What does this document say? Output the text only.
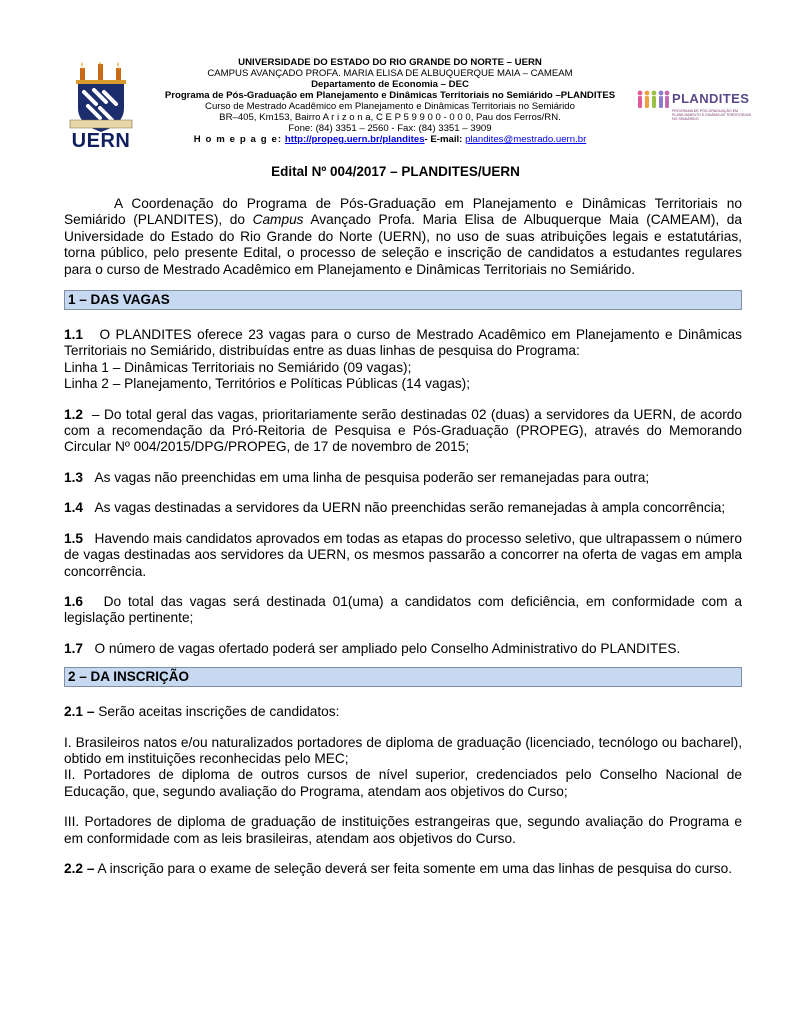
UERN
UNIVERSIDADE DO ESTADO DO RIO GRANDE DO NORTE – UERN
CAMPUS AVANÇADO PROFA. MARIA ELISA DE ALBUQUERQUE MAIA – CAMEAM
Departamento de Economia – DEC
Programa de Pós-Graduação em Planejamento e Dinâmicas Territoriais no Semiárido –PLANDITES
Curso de Mestrado Acadêmico em Planejamento e Dinâmicas Territoriais no Semiárido
BR–405, Km153, Bairro A r i z o n a, C E P 5 9 9 0 0 - 0 0 0, Pau dos Ferros/RN.
Fone: (84) 3351 – 2560 - Fax: (84) 3351 – 3909
H o m e p a g e: http://propeg.uern.br/plandites- E-mail: plandites@mestrado.uern.br
PLANDITES
PROGRAMA DE PÓS-GRADUAÇÃO EM PLANEJAMENTO E DINÂMICAS TERRITORIAIS NO SEMIÁRIDO
Edital Nº 004/2017 – PLANDITES/UERN

A Coordenação do Programa de Pós-Graduação em Planejamento e Dinâmicas Territoriais no Semiárido (PLANDITES), do Campus Avançado Profa. Maria Elisa de Albuquerque Maia (CAMEAM), da Universidade do Estado do Rio Grande do Norte (UERN), no uso de suas atribuições legais e estatutárias, torna público, pelo presente Edital, o processo de seleção e inscrição de candidatos a estudantes regulares para o curso de Mestrado Acadêmico em Planejamento e Dinâmicas Territoriais no Semiárido.

1 – DAS VAGAS

1.1 O PLANDITES oferece 23 vagas para o curso de Mestrado Acadêmico em Planejamento e Dinâmicas Territoriais no Semiárido, distribuídas entre as duas linhas de pesquisa do Programa:

Linha 1 – Dinâmicas Territoriais no Semiárido (09 vagas);

Linha 2 – Planejamento, Territórios e Políticas Públicas (14 vagas);

1.2  – Do total geral das vagas, prioritariamente serão destinadas 02 (duas) a servidores da UERN, de acordo com a recomendação da Pró-Reitoria de Pesquisa e Pós-Graduação (PROPEG), através do Memorando Circular Nº 004/2015/DPG/PROPEG, de 17 de novembro de 2015;

1.3 As vagas não preenchidas em uma linha de pesquisa poderão ser remanejadas para outra;

1.4 As vagas destinadas a servidores da UERN não preenchidas serão remanejadas à ampla concorrência;

1.5 Havendo mais candidatos aprovados em todas as etapas do processo seletivo, que ultrapassem o número de vagas destinadas aos servidores da UERN, os mesmos passarão a concorrer na oferta de vagas em ampla concorrência.

1.6 Do total das vagas será destinada 01(uma) a candidatos com deficiência, em conformidade com a legislação pertinente;

1.7 O número de vagas ofertado poderá ser ampliado pelo Conselho Administrativo do PLANDITES.

2 – DA INSCRIÇÃO

2.1 – Serão aceitas inscrições de candidatos:

I. Brasileiros natos e/ou naturalizados portadores de diploma de graduação (licenciado, tecnólogo ou bacharel), obtido em instituições reconhecidas pelo MEC;

II. Portadores de diploma de outros cursos de nível superior, credenciados pelo Conselho Nacional de Educação, que, segundo avaliação do Programa, atendam aos objetivos do Curso;

III. Portadores de diploma de graduação de instituições estrangeiras que, segundo avaliação do Programa e em conformidade com as leis brasileiras, atendam aos objetivos do Curso.

2.2 – A inscrição para o exame de seleção deverá ser feita somente em uma das linhas de pesquisa do curso.
